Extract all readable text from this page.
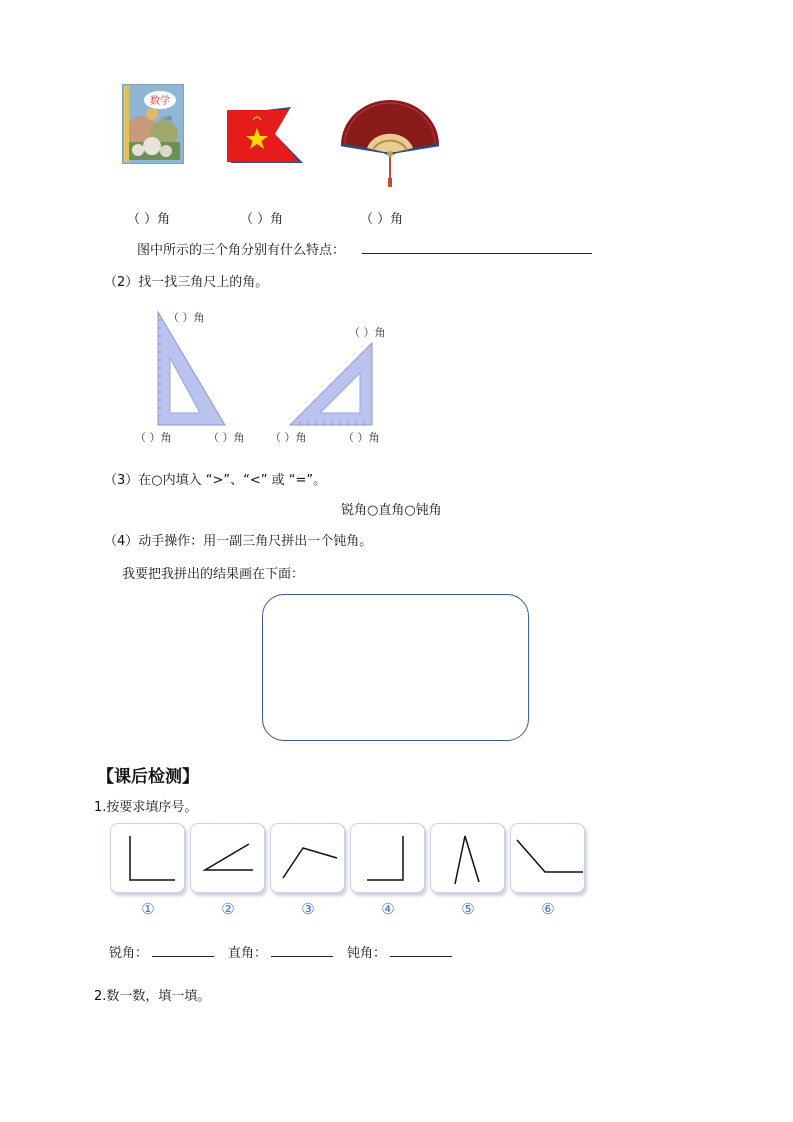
数学
二年级
（ ）角	（ ）角	（ ）角
图中所示的三个角分别有什么特点：
（2）找一找三角尺上的角。
（ ）角
（ ）角
（ ）角	（ ）角 （ ）角	（ ）角
（3）在○内填入 “>”、“<” 或 “=”。
锐角○直角○钝角
（4）动手操作：用一副三角尺拼出一个钝角。
我要把我拼出的结果画在下面：
【课后检测】
1.按要求填序号。
①	②	③	④	⑤	⑥
锐角：	直角：	钝角：
2.数一数，填一填。
